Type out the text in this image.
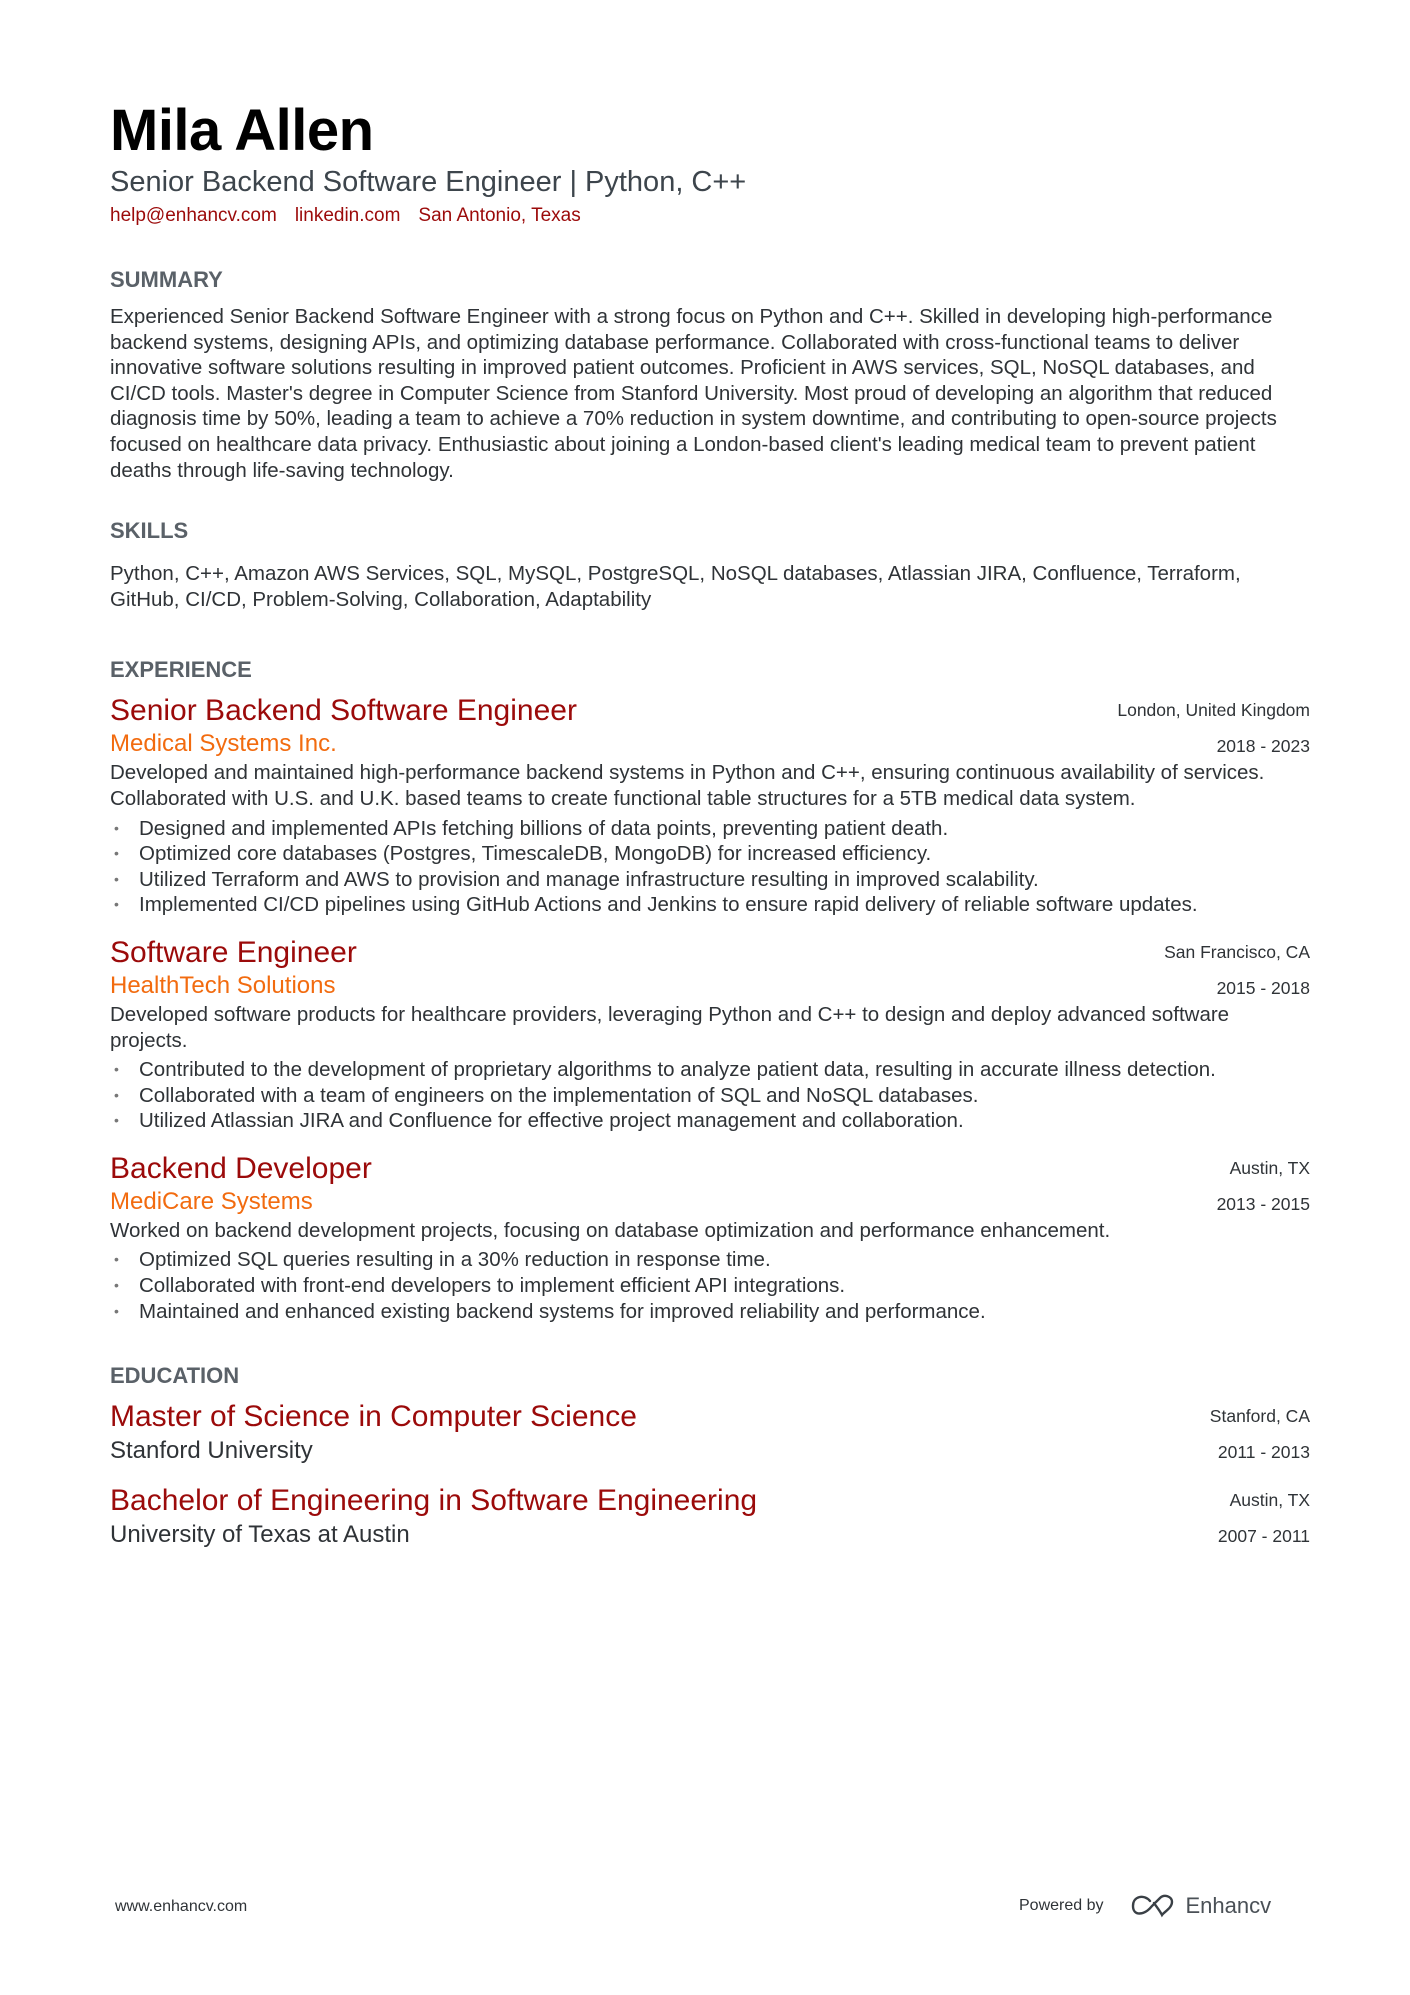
Mila Allen
Senior Backend Software Engineer | Python, C++
help@enhancv.com linkedin.com San Antonio, Texas
SUMMARY
Experienced Senior Backend Software Engineer with a strong focus on Python and C++. Skilled in developing high-performance backend systems, designing APIs, and optimizing database performance. Collaborated with cross-functional teams to deliver innovative software solutions resulting in improved patient outcomes. Proficient in AWS services, SQL, NoSQL databases, and CI/CD tools. Master's degree in Computer Science from Stanford University. Most proud of developing an algorithm that reduced diagnosis time by 50%, leading a team to achieve a 70% reduction in system downtime, and contributing to open-source projects focused on healthcare data privacy. Enthusiastic about joining a London-based client's leading medical team to prevent patient deaths through life-saving technology.
SKILLS
Python, C++, Amazon AWS Services, SQL, MySQL, PostgreSQL, NoSQL databases, Atlassian JIRA, Confluence, Terraform, GitHub, CI/CD, Problem-Solving, Collaboration, Adaptability
EXPERIENCE
Senior Backend Software Engineer
Medical Systems Inc.
London, United Kingdom
2018 - 2023
Developed and maintained high-performance backend systems in Python and C++, ensuring continuous availability of services. Collaborated with U.S. and U.K. based teams to create functional table structures for a 5TB medical data system.
• Designed and implemented APIs fetching billions of data points, preventing patient death.
• Optimized core databases (Postgres, TimescaleDB, MongoDB) for increased efficiency.
• Utilized Terraform and AWS to provision and manage infrastructure resulting in improved scalability.
• Implemented CI/CD pipelines using GitHub Actions and Jenkins to ensure rapid delivery of reliable software updates.
Software Engineer
HealthTech Solutions
San Francisco, CA
2015 - 2018
Developed software products for healthcare providers, leveraging Python and C++ to design and deploy advanced software projects.
• Contributed to the development of proprietary algorithms to analyze patient data, resulting in accurate illness detection.
• Collaborated with a team of engineers on the implementation of SQL and NoSQL databases.
• Utilized Atlassian JIRA and Confluence for effective project management and collaboration.
Backend Developer
MediCare Systems
Austin, TX
2013 - 2015
Worked on backend development projects, focusing on database optimization and performance enhancement.
• Optimized SQL queries resulting in a 30% reduction in response time.
• Collaborated with front-end developers to implement efficient API integrations.
• Maintained and enhanced existing backend systems for improved reliability and performance.
EDUCATION
Master of Science in Computer Science
Stanford University
Stanford, CA
2011 - 2013
Bachelor of Engineering in Software Engineering
University of Texas at Austin
Austin, TX
2007 - 2011
www.enhancv.com	Powered by	Enhancv
